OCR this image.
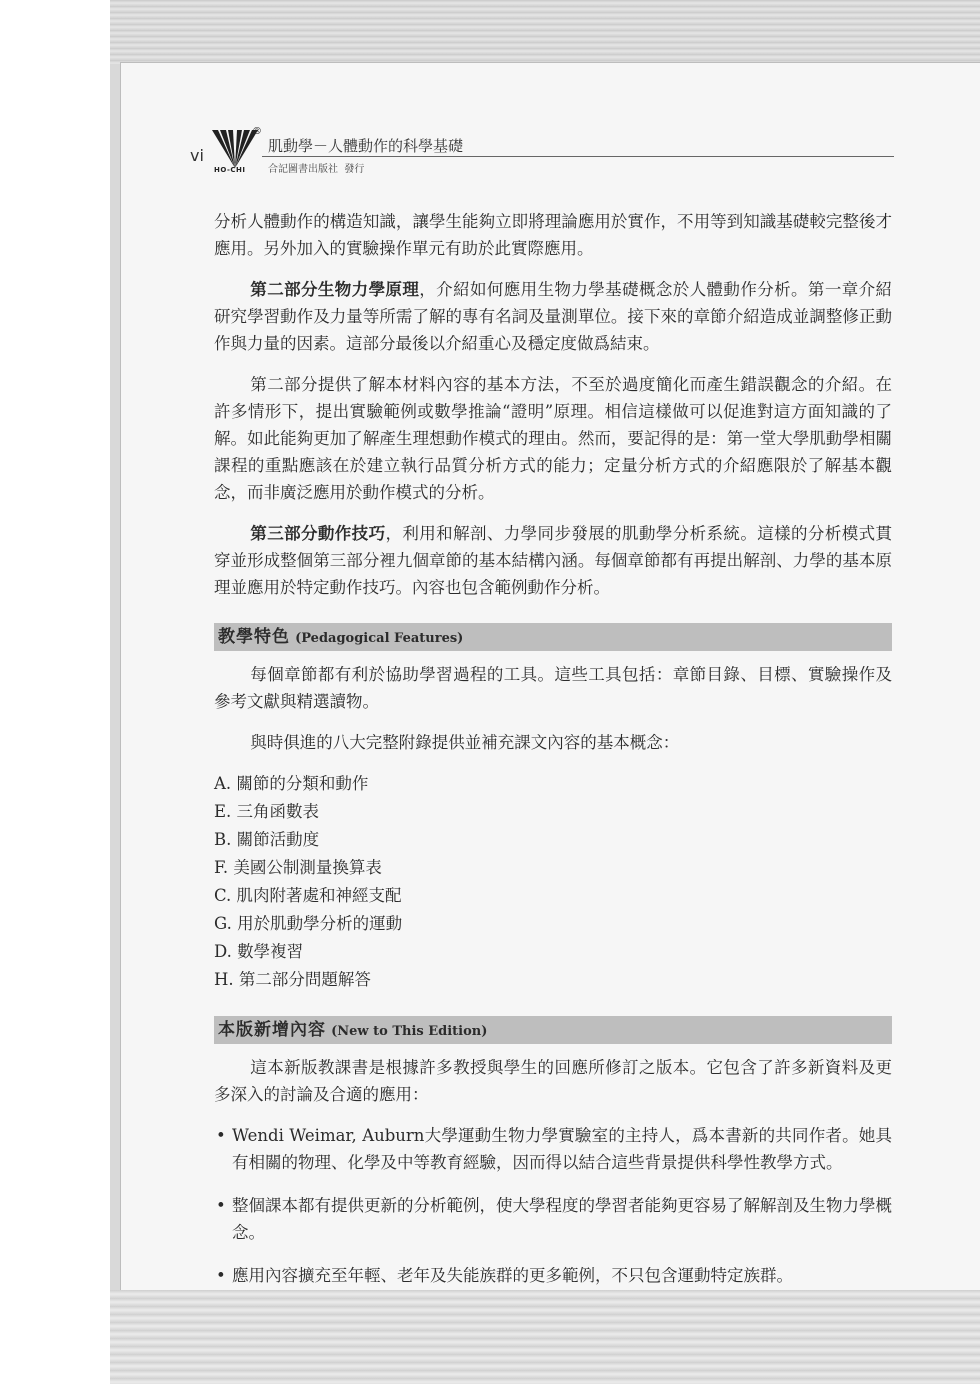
vi
HO-CHI
®
肌動學－人體動作的科學基礎
合記圖書出版社  發行

分析人體動作的構造知識，讓學生能夠立即將理論應用於實作，不用等到知識基礎較完整後才應用。另外加入的實驗操作單元有助於此實際應用。

第二部分生物力學原理，介紹如何應用生物力學基礎概念於人體動作分析。第一章介紹研究學習動作及力量等所需了解的專有名詞及量測單位。接下來的章節介紹造成並調整修正動作與力量的因素。這部分最後以介紹重心及穩定度做爲結束。

第二部分提供了解本材料內容的基本方法，不至於過度簡化而產生錯誤觀念的介紹。在許多情形下，提出實驗範例或數學推論“證明”原理。相信這樣做可以促進對這方面知識的了解。如此能夠更加了解產生理想動作模式的理由。然而，要記得的是：第一堂大學肌動學相關課程的重點應該在於建立執行品質分析方式的能力；定量分析方式的介紹應限於了解基本觀念，而非廣泛應用於動作模式的分析。

第三部分動作技巧，利用和解剖、力學同步發展的肌動學分析系統。這樣的分析模式貫穿並形成整個第三部分裡九個章節的基本結構內涵。每個章節都有再提出解剖、力學的基本原理並應用於特定動作技巧。內容也包含範例動作分析。

教學特色 (Pedagogical Features)

每個章節都有利於協助學習過程的工具。這些工具包括：章節目錄、目標、實驗操作及參考文獻與精選讀物。

與時俱進的八大完整附錄提供並補充課文內容的基本概念：

A. 關節的分類和動作
E. 三角函數表
B. 關節活動度
F. 美國公制測量換算表
C. 肌肉附著處和神經支配
G. 用於肌動學分析的運動
D. 數學複習
H. 第二部分問題解答
本版新增內容 (New to This Edition)

這本新版教課書是根據許多教授與學生的回應所修訂之版本。它包含了許多新資料及更多深入的討論及合適的應用：

• Wendi Weimar, Auburn大學運動生物力學實驗室的主持人，爲本書新的共同作者。她具有相關的物理、化學及中等教育經驗，因而得以結合這些背景提供科學性教學方式。
• 整個課本都有提供更新的分析範例，使大學程度的學習者能夠更容易了解解剖及生物力學概念。
• 應用內容擴充至年輕、老年及失能族群的更多範例，不只包含運動特定族群。
